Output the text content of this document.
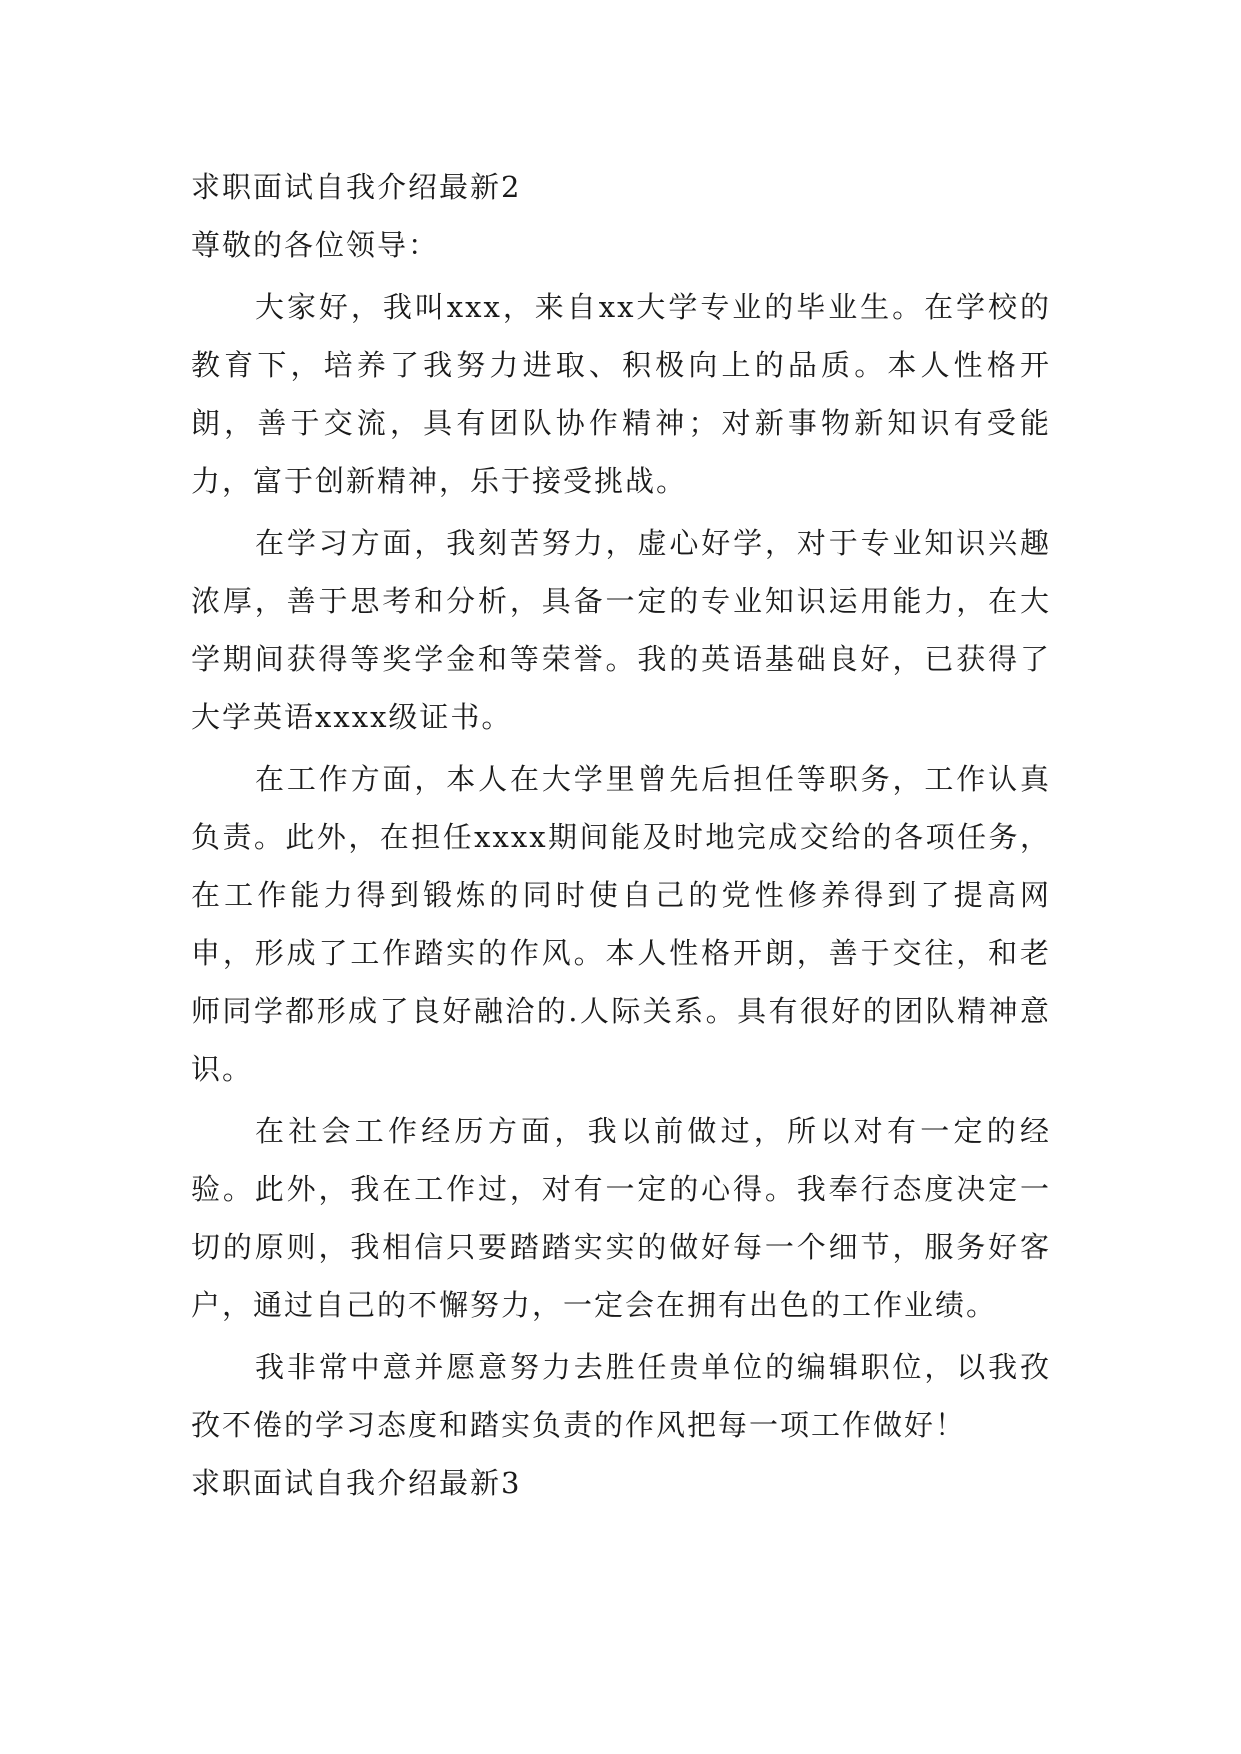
求职面试自我介绍最新2

尊敬的各位领导：

大家好，我叫xxx，来自xx大学专业的毕业生。在学校的教育下，培养了我努力进取、积极向上的品质。本人性格开朗，善于交流，具有团队协作精神；对新事物新知识有受能力，富于创新精神，乐于接受挑战。

在学习方面，我刻苦努力，虚心好学，对于专业知识兴趣浓厚，善于思考和分析，具备一定的专业知识运用能力，在大学期间获得等奖学金和等荣誉。我的英语基础良好，已获得了大学英语xxxx级证书。

在工作方面，本人在大学里曾先后担任等职务，工作认真负责。此外，在担任xxxx期间能及时地完成交给的各项任务，在工作能力得到锻炼的同时使自己的党性修养得到了提高网申，形成了工作踏实的作风。本人性格开朗，善于交往，和老师同学都形成了良好融洽的.人际关系。具有很好的团队精神意识。

在社会工作经历方面，我以前做过，所以对有一定的经验。此外，我在工作过，对有一定的心得。我奉行态度决定一切的原则，我相信只要踏踏实实的做好每一个细节，服务好客户，通过自己的不懈努力，一定会在拥有出色的工作业绩。

我非常中意并愿意努力去胜任贵单位的编辑职位，以我孜孜不倦的学习态度和踏实负责的作风把每一项工作做好！

求职面试自我介绍最新3
